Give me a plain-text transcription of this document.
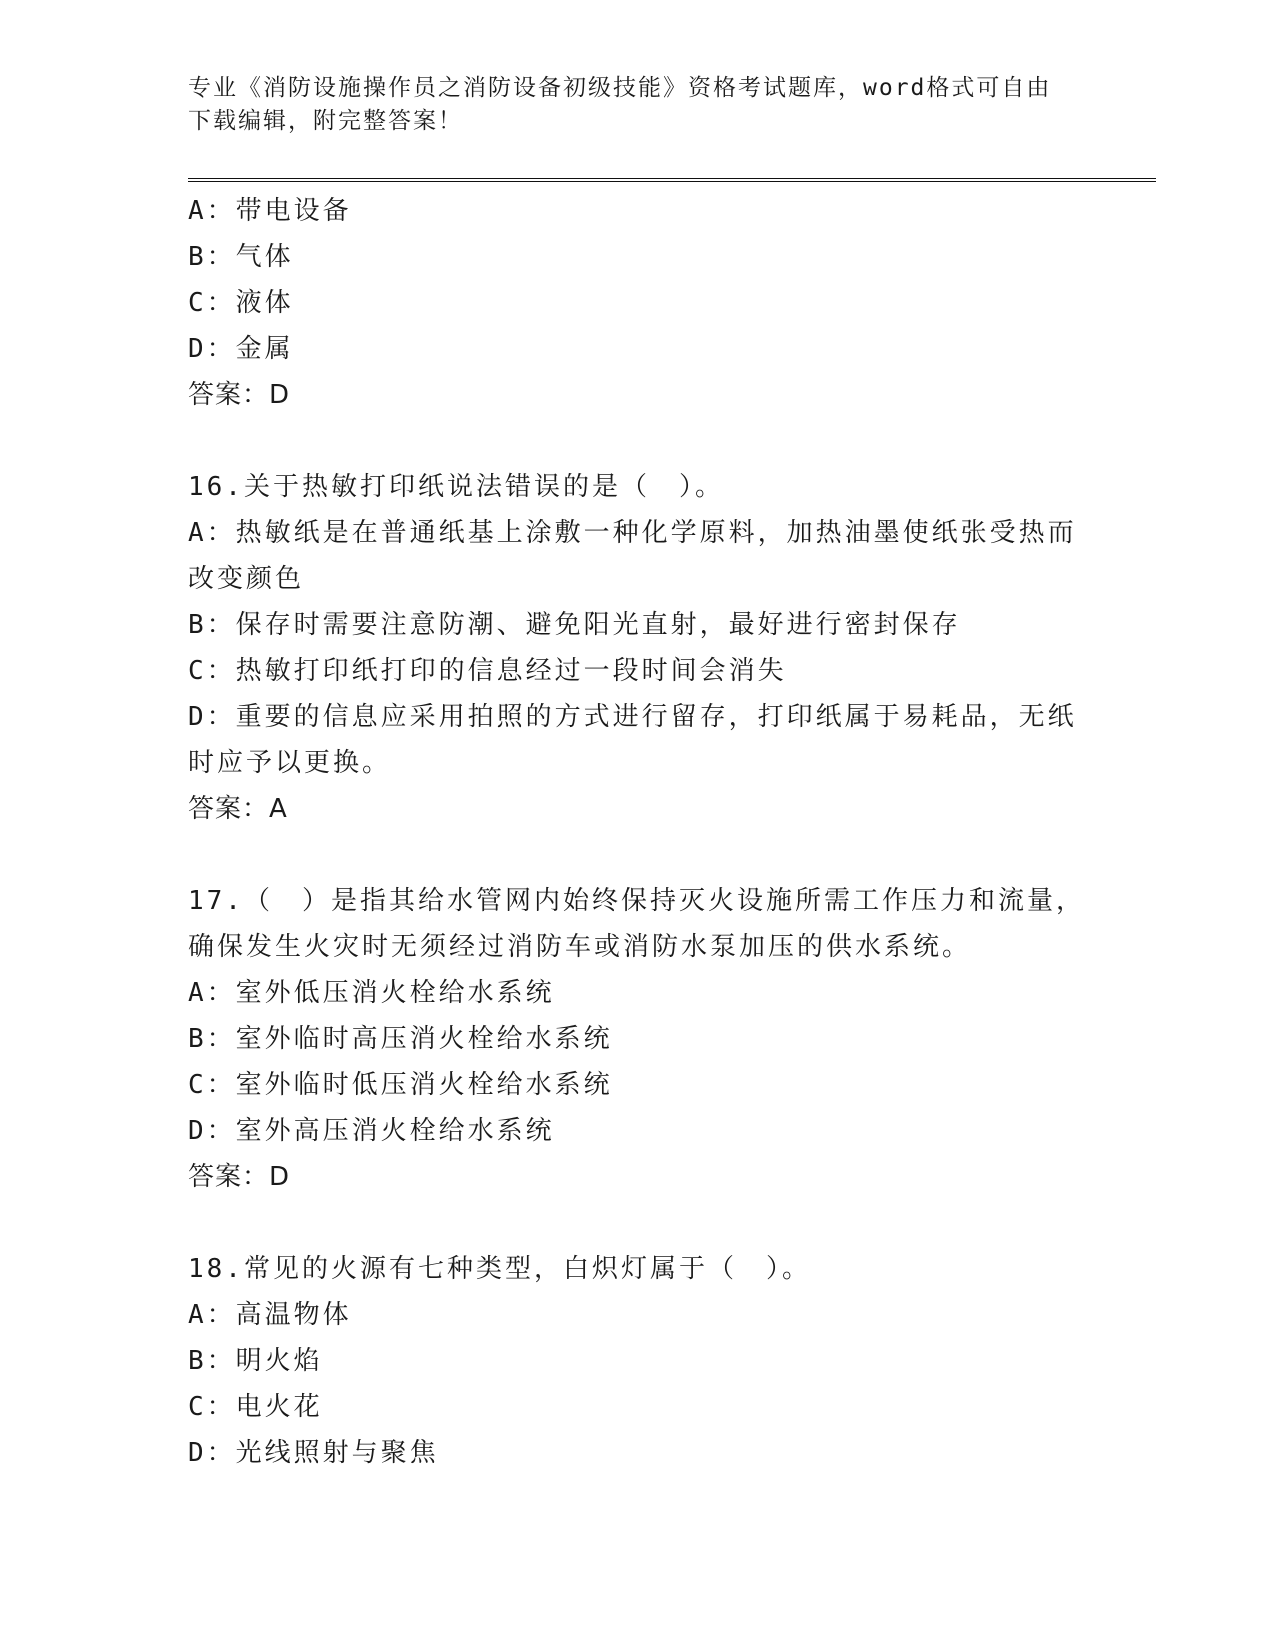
专业《消防设施操作员之消防设备初级技能》资格考试题库，word格式可自由下载编辑，附完整答案！
A：带电设备
B：气体
C：液体
D：金属
答案：D
16.关于热敏打印纸说法错误的是（　）。
A：热敏纸是在普通纸基上涂敷一种化学原料，加热油墨使纸张受热而改变颜色
B：保存时需要注意防潮、避免阳光直射，最好进行密封保存
C：热敏打印纸打印的信息经过一段时间会消失
D：重要的信息应采用拍照的方式进行留存，打印纸属于易耗品，无纸时应予以更换。
答案：A
17.（　）是指其给水管网内始终保持灭火设施所需工作压力和流量，确保发生火灾时无须经过消防车或消防水泵加压的供水系统。
A：室外低压消火栓给水系统
B：室外临时高压消火栓给水系统
C：室外临时低压消火栓给水系统
D：室外高压消火栓给水系统
答案：D
18.常见的火源有七种类型，白炽灯属于（　）。
A：高温物体
B：明火焰
C：电火花
D：光线照射与聚焦
